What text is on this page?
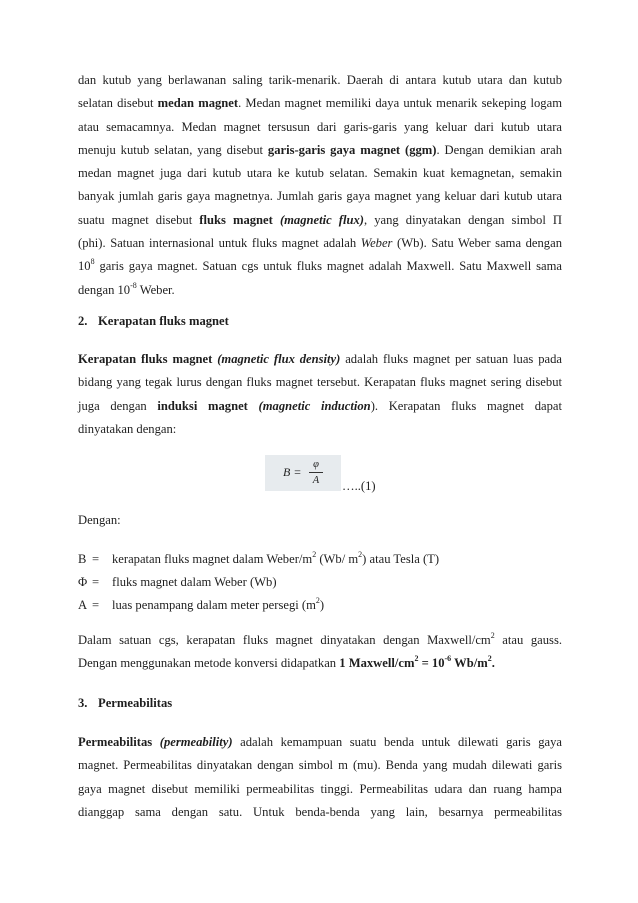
dan kutub yang berlawanan saling tarik-menarik. Daerah di antara kutub utara dan kutub

selatan disebut medan magnet. Medan magnet memiliki daya untuk menarik sekeping logam

atau semacamnya. Medan magnet tersusun dari garis-garis yang keluar dari kutub utara

menuju kutub selatan, yang disebut garis-garis gaya magnet (ggm). Dengan demikian arah

medan magnet juga dari kutub utara ke kutub selatan. Semakin kuat kemagnetan, semakin

banyak jumlah garis gaya magnetnya. Jumlah garis gaya magnet yang keluar dari kutub utara

suatu magnet disebut fluks magnet (magnetic flux), yang dinyatakan dengan simbol Π

(phi). Satuan internasional untuk fluks magnet adalah Weber (Wb). Satu Weber sama dengan

$10^8$ garis gaya magnet. Satuan cgs untuk fluks magnet adalah Maxwell. Satu Maxwell sama

dengan $10^{-8}$ Weber.

2. Kerapatan fluks magnet

Kerapatan fluks magnet (magnetic flux density) adalah fluks magnet per satuan luas pada

bidang yang tegak lurus dengan fluks magnet tersebut. Kerapatan fluks magnet sering disebut

juga dengan induksi magnet (magnetic induction). Kerapatan fluks magnet dapat

dinyatakan dengan:

B =
φ
A	…..(1)
Dengan:
B = kerapatan fluks magnet dalam Weber/$m^2$ (Wb/ $m^2$) atau Tesla (T)
Φ = fluks magnet dalam Weber (Wb)
A = luas penampang dalam meter persegi $(m^2)$

Dalam satuan cgs, kerapatan fluks magnet dinyatakan dengan Maxwell/$cm^2$ atau gauss.

Dengan menggunakan metode konversi didapatkan 1 Maxwell/$cm^2 = 10^{-6}$ $Wb/m^2$.

3. Permeabilitas

Permeabilitas (permeability) adalah kemampuan suatu benda untuk dilewati garis gaya

magnet. Permeabilitas dinyatakan dengan simbol m (mu). Benda yang mudah dilewati garis

gaya magnet disebut memiliki permeabilitas tinggi. Permeabilitas udara dan ruang hampa

dianggap sama dengan satu. Untuk benda-benda yang lain, besarnya permeabilitas
